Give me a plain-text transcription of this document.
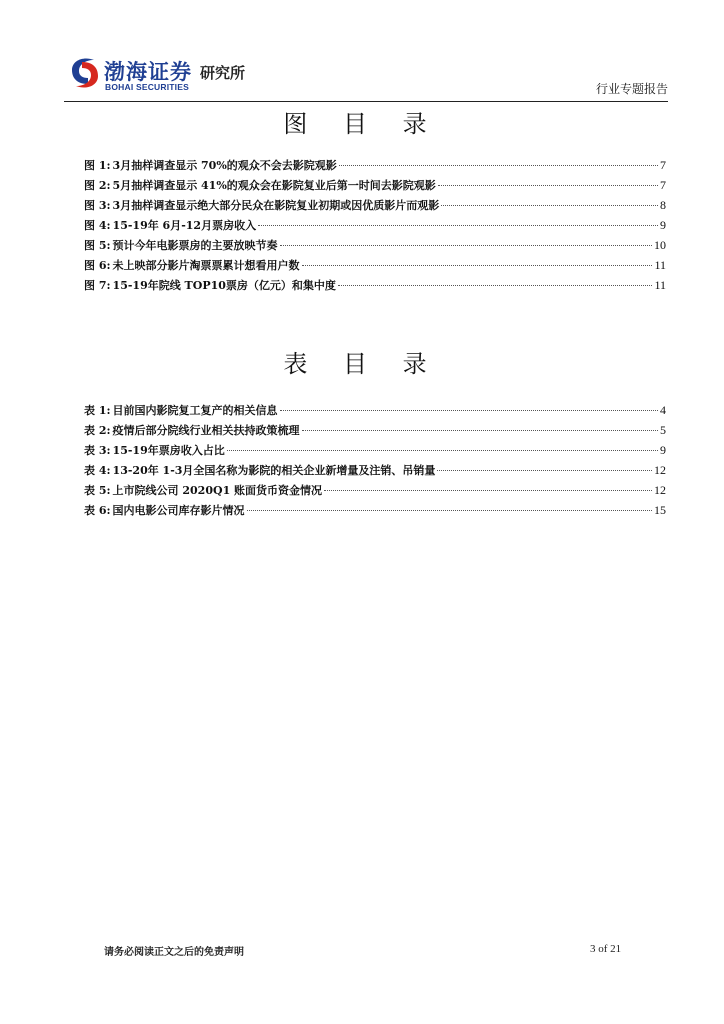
渤海证券
BOHAI SECURITIES
研究所
行业专题报告
图 目 录
图 1: 3月抽样调查显示 70%的观众不会去影院观影	7
图 2: 5月抽样调查显示 41%的观众会在影院复业后第一时间去影院观影	7
图 3: 3月抽样调查显示绝大部分民众在影院复业初期或因优质影片而观影	8
图 4: 15-19年 6月-12月票房收入	9
图 5: 预计今年电影票房的主要放映节奏	10
图 6: 未上映部分影片淘票票累计想看用户数	11
图 7: 15-19年院线 TOP10票房（亿元）和集中度	11
表 目 录
表 1: 目前国内影院复工复产的相关信息	4
表 2: 疫情后部分院线行业相关扶持政策梳理	5
表 3: 15-19年票房收入占比	9
表 4: 13-20年 1-3月全国名称为影院的相关企业新增量及注销、吊销量	12
表 5: 上市院线公司 2020Q1 账面货币资金情况	12
表 6: 国内电影公司库存影片情况	15
请务必阅读正文之后的免责声明	3 of 21
